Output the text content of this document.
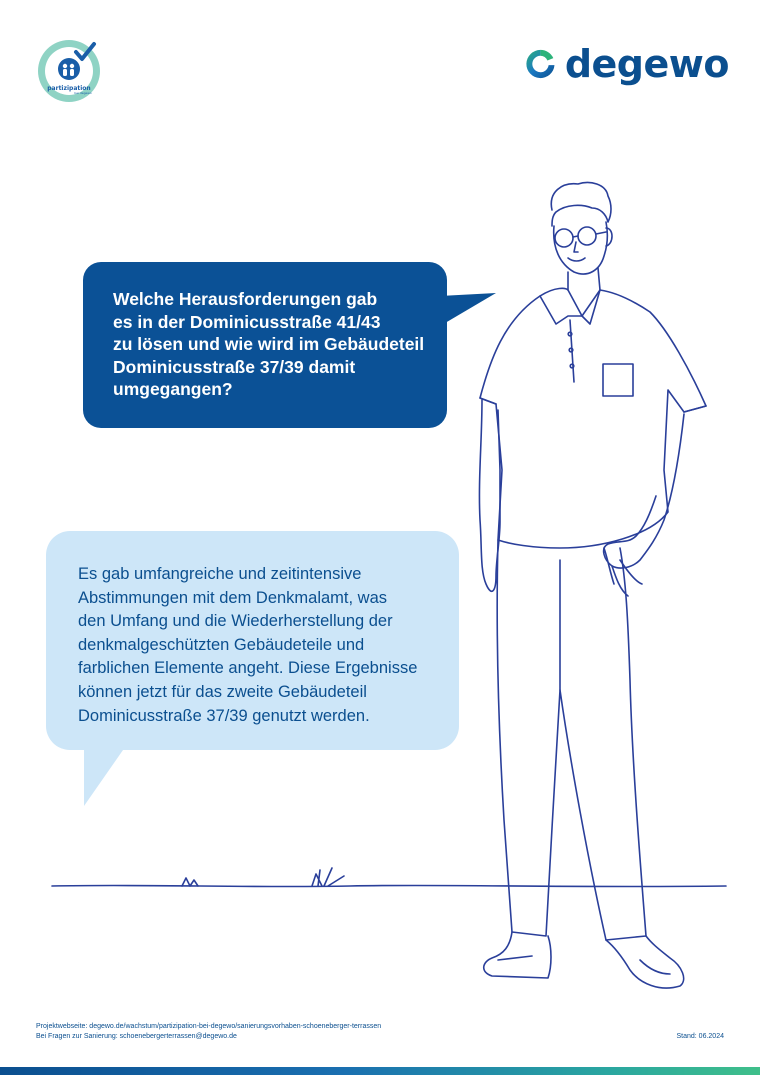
partizipation
bei degewo
degewo
Welche Herausforderungen gab
es in der Dominicusstraße 41/43
zu lösen und wie wird im Gebäudeteil
Dominicusstraße 37/39 damit
umgegangen?
Es gab umfangreiche und zeitintensive
Abstimmungen mit dem Denkmalamt, was
den Umfang und die Wiederherstellung der
denkmalgeschützten Gebäudeteile und
farblichen Elemente angeht. Diese Ergebnisse
können jetzt für das zweite Gebäudeteil
Dominicusstraße 37/39 genutzt werden.
Projektwebseite: degewo.de/wachstum/partizipation-bei-degewo/sanierungsvorhaben-schoeneberger-terrassen
Bei Fragen zur Sanierung: schoenebergerterrassen@degewo.de	Stand: 06.2024
